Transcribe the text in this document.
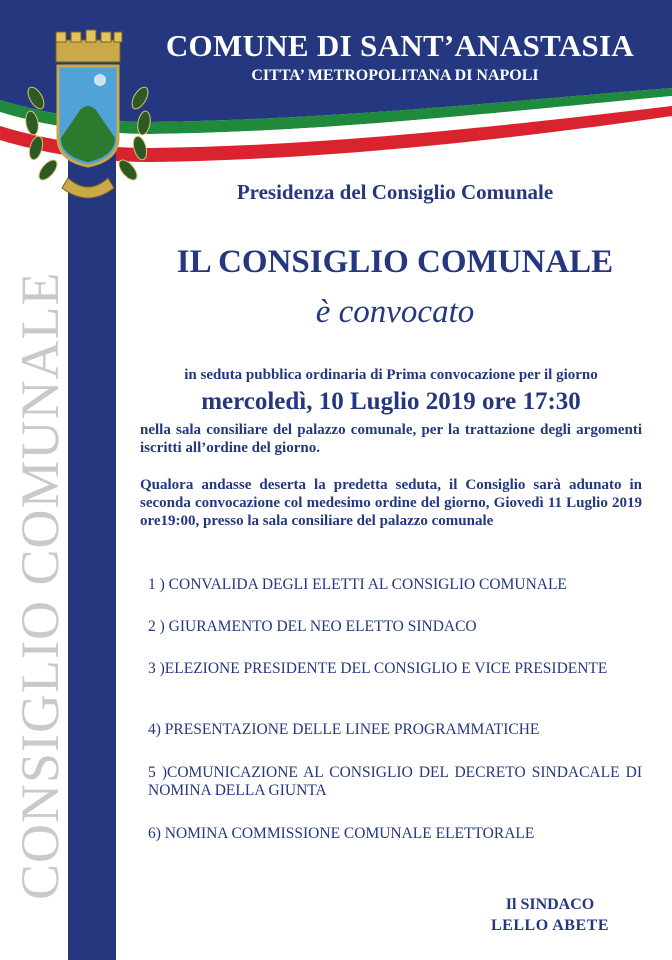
COMUNE DI SANT’ANASTASIA
CITTA’ METROPOLITANA DI NAPOLI
CONSIGLIO COMUNALE
Presidenza del Consiglio Comunale
IL CONSIGLIO COMUNALE
è convocato
in seduta pubblica ordinaria di Prima convocazione per il giorno
mercoledì, 10 Luglio 2019 ore 17:30
nella sala consiliare del palazzo comunale, per la trattazione degli argomenti iscritti all’ordine del giorno.
Qualora andasse deserta la predetta seduta, il Consiglio sarà adunato in seconda convocazione col medesimo ordine del giorno, Giovedì 11 Luglio 2019 ore19:00, presso la sala consiliare del palazzo comunale
1 ) CONVALIDA DEGLI ELETTI AL CONSIGLIO COMUNALE
2 ) GIURAMENTO DEL NEO ELETTO SINDACO
3 )ELEZIONE PRESIDENTE DEL CONSIGLIO E VICE PRESIDENTE
4) PRESENTAZIONE DELLE LINEE PROGRAMMATICHE
5 )COMUNICAZIONE AL CONSIGLIO DEL DECRETO SINDACALE DI NOMINA DELLA GIUNTA
6) NOMINA COMMISSIONE COMUNALE ELETTORALE
Il SINDACO
LELLO ABETE
